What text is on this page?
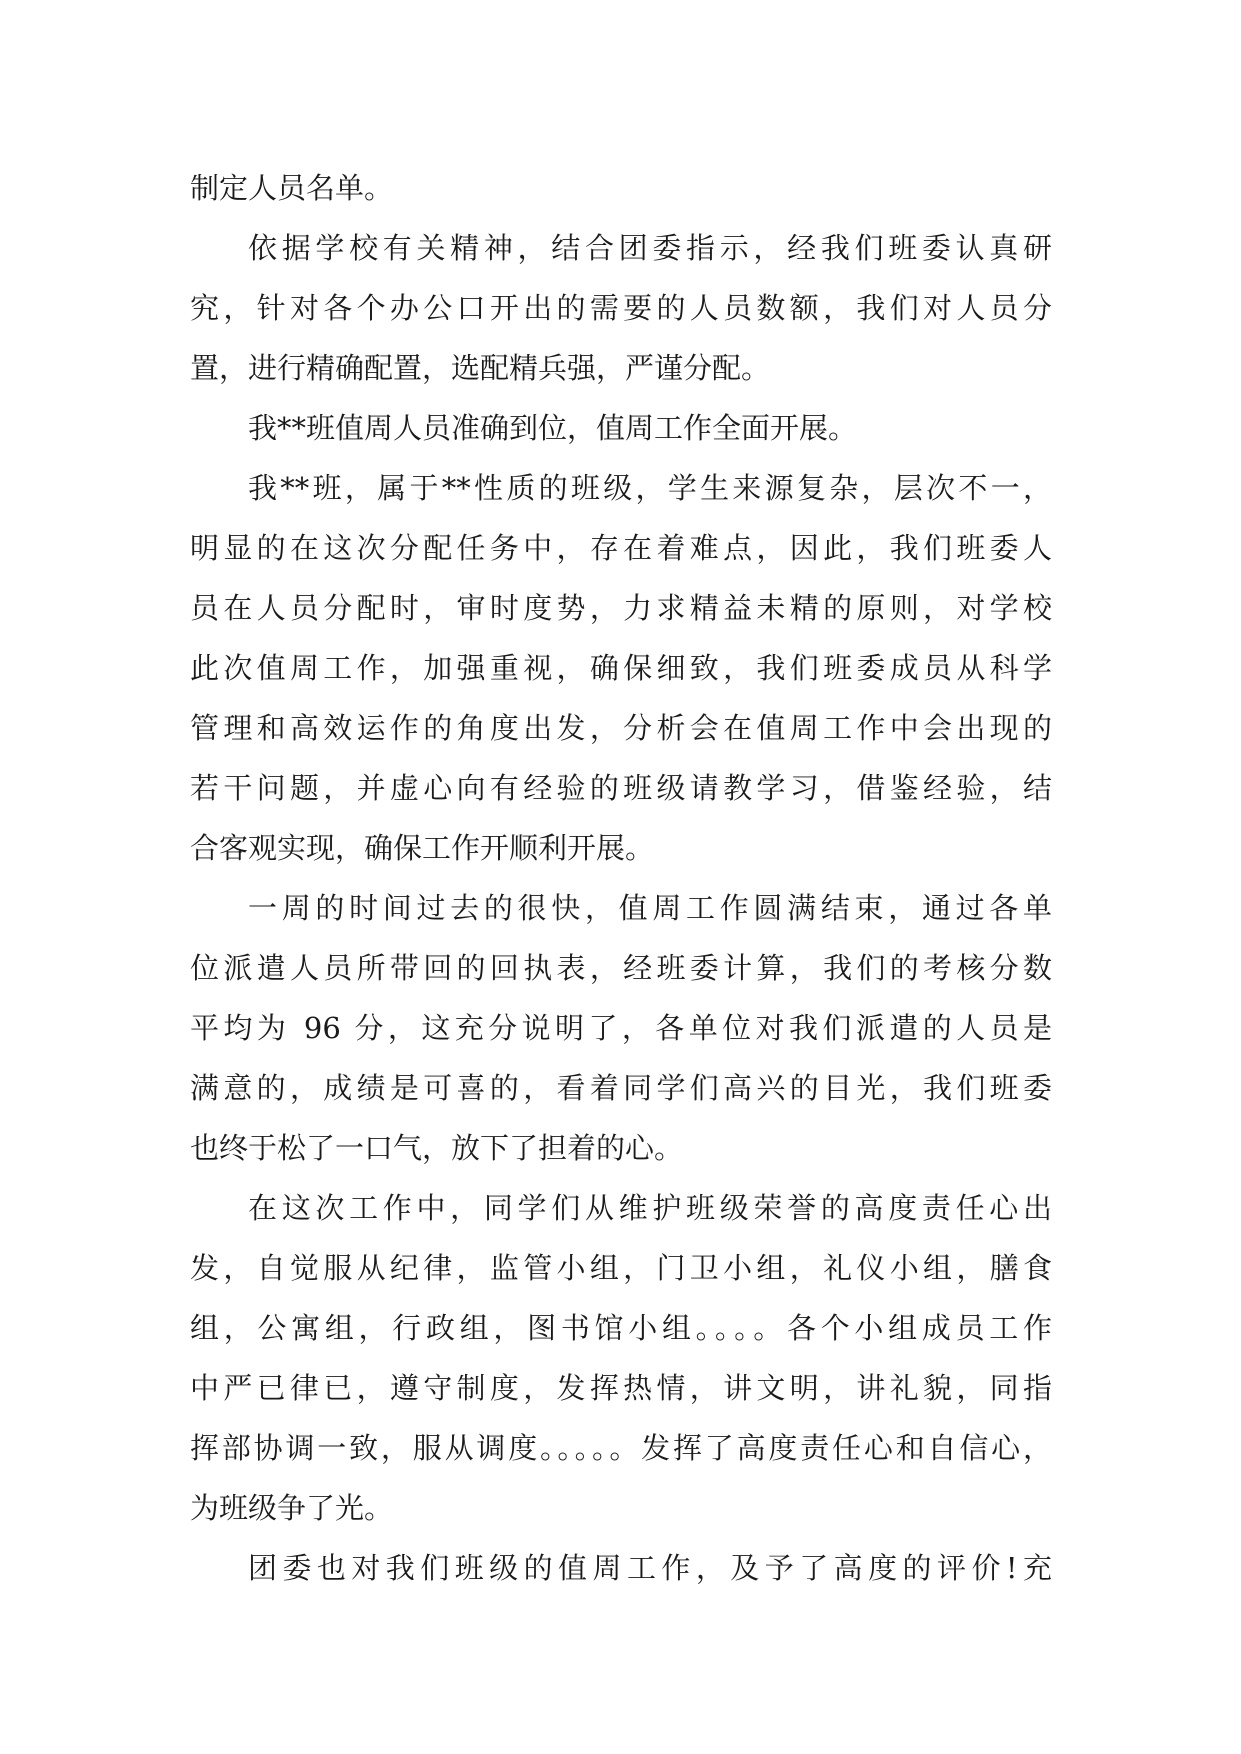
制定人员名单。

依据学校有关精神，结合团委指示，经我们班委认真研
究，针对各个办公口开出的需要的人员数额，我们对人员分
置，进行精确配置，选配精兵强，严谨分配。

我**班值周人员准确到位，值周工作全面开展。

我**班，属于**性质的班级，学生来源复杂，层次不一，
明显的在这次分配任务中，存在着难点，因此，我们班委人
员在人员分配时，审时度势，力求精益未精的原则，对学校
此次值周工作，加强重视，确保细致，我们班委成员从科学
管理和高效运作的角度出发，分析会在值周工作中会出现的
若干问题，并虚心向有经验的班级请教学习，借鉴经验，结
合客观实现，确保工作开顺利开展。

一周的时间过去的很快，值周工作圆满结束，通过各单
位派遣人员所带回的回执表，经班委计算，我们的考核分数
平均为 96 分，这充分说明了，各单位对我们派遣的人员是
满意的，成绩是可喜的，看着同学们高兴的目光，我们班委
也终于松了一口气，放下了担着的心。

在这次工作中，同学们从维护班级荣誉的高度责任心出
发，自觉服从纪律，监管小组，门卫小组，礼仪小组，膳食
组，公寓组，行政组，图书馆小组。。。。各个小组成员工作
中严已律已，遵守制度，发挥热情，讲文明，讲礼貌，同指
挥部协调一致，服从调度。。。。。发挥了高度责任心和自信心，
为班级争了光。

团委也对我们班级的值周工作，及予了高度的评价!充
